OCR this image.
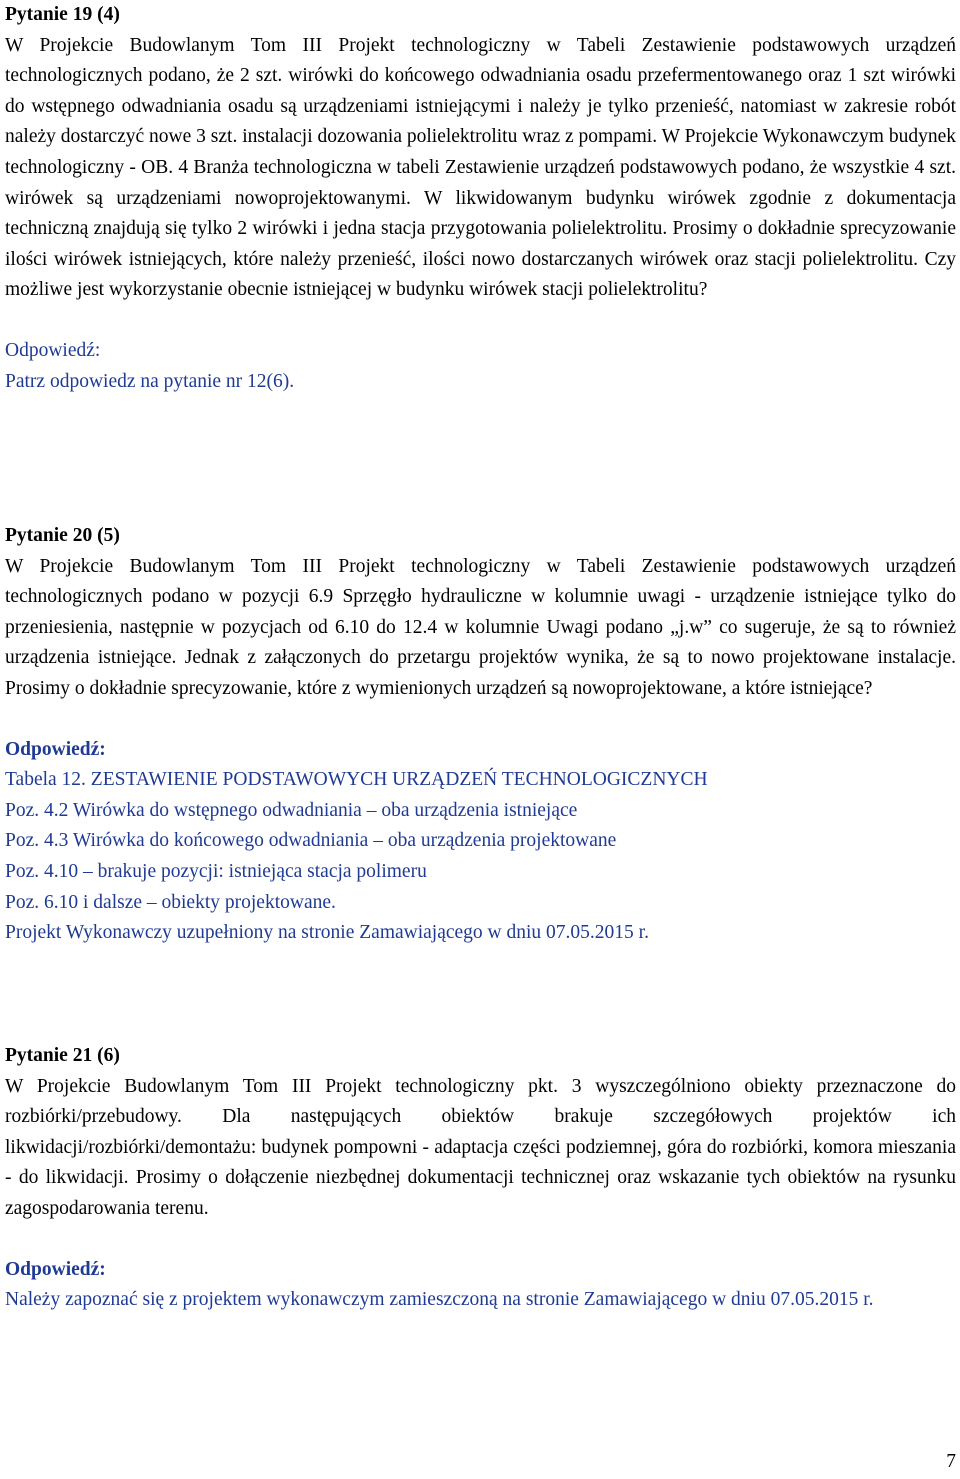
Pytanie 19 (4)

W Projekcie Budowlanym Tom III Projekt technologiczny w Tabeli Zestawienie podstawowych urządzeń technologicznych podano, że 2 szt. wirówki do końcowego odwadniania osadu przefermentowanego oraz 1 szt wirówki do wstępnego odwadniania osadu są urządzeniami istniejącymi i należy je tylko przenieść, natomiast w zakresie robót należy dostarczyć nowe 3 szt. instalacji dozowania polielektrolitu wraz z pompami. W Projekcie Wykonawczym budynek technologiczny - OB. 4 Branża technologiczna w tabeli Zestawienie urządzeń podstawowych podano, że wszystkie 4 szt. wirówek są urządzeniami nowoprojektowanymi. W likwidowanym budynku wirówek zgodnie z dokumentacja techniczną znajdują się tylko 2 wirówki i jedna stacja przygotowania polielektrolitu. Prosimy o dokładnie sprecyzowanie ilości wirówek istniejących, które należy przenieść, ilości nowo dostarczanych wirówek oraz stacji polielektrolitu. Czy możliwe jest wykorzystanie obecnie istniejącej w budynku wirówek stacji polielektrolitu?

Odpowiedź:

Patrz odpowiedz na pytanie nr 12(6).

Pytanie 20 (5)

W Projekcie Budowlanym Tom III Projekt technologiczny w Tabeli Zestawienie podstawowych urządzeń technologicznych podano w pozycji 6.9 Sprzęgło hydrauliczne w kolumnie uwagi - urządzenie istniejące tylko do przeniesienia, następnie w pozycjach od 6.10 do 12.4 w kolumnie Uwagi podano „j.w” co sugeruje, że są to również urządzenia istniejące. Jednak z załączonych do przetargu projektów wynika, że są to nowo projektowane instalacje. Prosimy o dokładnie sprecyzowanie, które z wymienionych urządzeń są nowoprojektowane, a które istniejące?

Odpowiedź:

Tabela 12. ZESTAWIENIE PODSTAWOWYCH URZĄDZEŃ TECHNOLOGICZNYCH

Poz. 4.2 Wirówka do wstępnego odwadniania – oba urządzenia istniejące

Poz. 4.3 Wirówka do końcowego odwadniania – oba urządzenia projektowane

Poz. 4.10 – brakuje pozycji: istniejąca stacja polimeru

Poz. 6.10 i dalsze – obiekty projektowane.

Projekt Wykonawczy uzupełniony na stronie Zamawiającego w dniu 07.05.2015 r.

Pytanie 21 (6)

W Projekcie Budowlanym Tom III Projekt technologiczny pkt. 3 wyszczególniono obiekty przeznaczone do rozbiórki/przebudowy. Dla następujących obiektów brakuje szczegółowych projektów ich likwidacji/rozbiórki/demontażu: budynek pompowni - adaptacja części podziemnej, góra do rozbiórki, komora mieszania - do likwidacji. Prosimy o dołączenie niezbędnej dokumentacji technicznej oraz wskazanie tych obiektów na rysunku zagospodarowania terenu.

Odpowiedź:

Należy zapoznać się z projektem wykonawczym zamieszczoną na stronie Zamawiającego w dniu 07.05.2015 r.

7
